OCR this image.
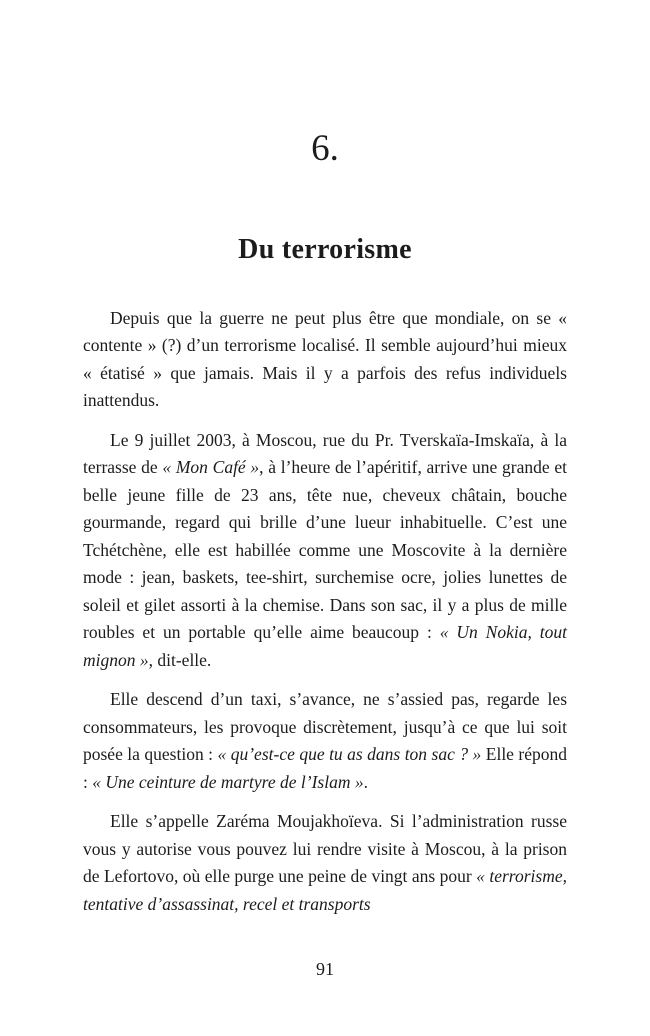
6.
Du terrorisme

Depuis que la guerre ne peut plus être que mondiale, on se « contente » (?) d’un terrorisme localisé. Il semble aujourd’hui mieux « étatisé » que jamais. Mais il y a parfois des refus individuels inattendus.

Le 9 juillet 2003, à Moscou, rue du Pr. Tverskaïa-Imskaïa, à la terrasse de « Mon Café », à l’heure de l’apéritif, arrive une grande et belle jeune fille de 23 ans, tête nue, cheveux châtain, bouche gourmande, regard qui brille d’une lueur inhabituelle. C’est une Tchétchène, elle est habillée comme une Moscovite à la dernière mode : jean, baskets, tee-shirt, surchemise ocre, jolies lunettes de soleil et gilet assorti à la chemise. Dans son sac, il y a plus de mille roubles et un portable qu’elle aime beaucoup : « Un Nokia, tout mignon », dit-elle.

Elle descend d’un taxi, s’avance, ne s’assied pas, regarde les consommateurs, les provoque discrètement, jusqu’à ce que lui soit posée la question : « qu’est-ce que tu as dans ton sac ? » Elle répond : « Une ceinture de martyre de l’Islam ».

Elle s’appelle Zaréma Moujakhoïeva. Si l’administration russe vous y autorise vous pouvez lui rendre visite à Moscou, à la prison de Lefortovo, où elle purge une peine de vingt ans pour « terrorisme, tentative d’assassinat, recel et transports

91
